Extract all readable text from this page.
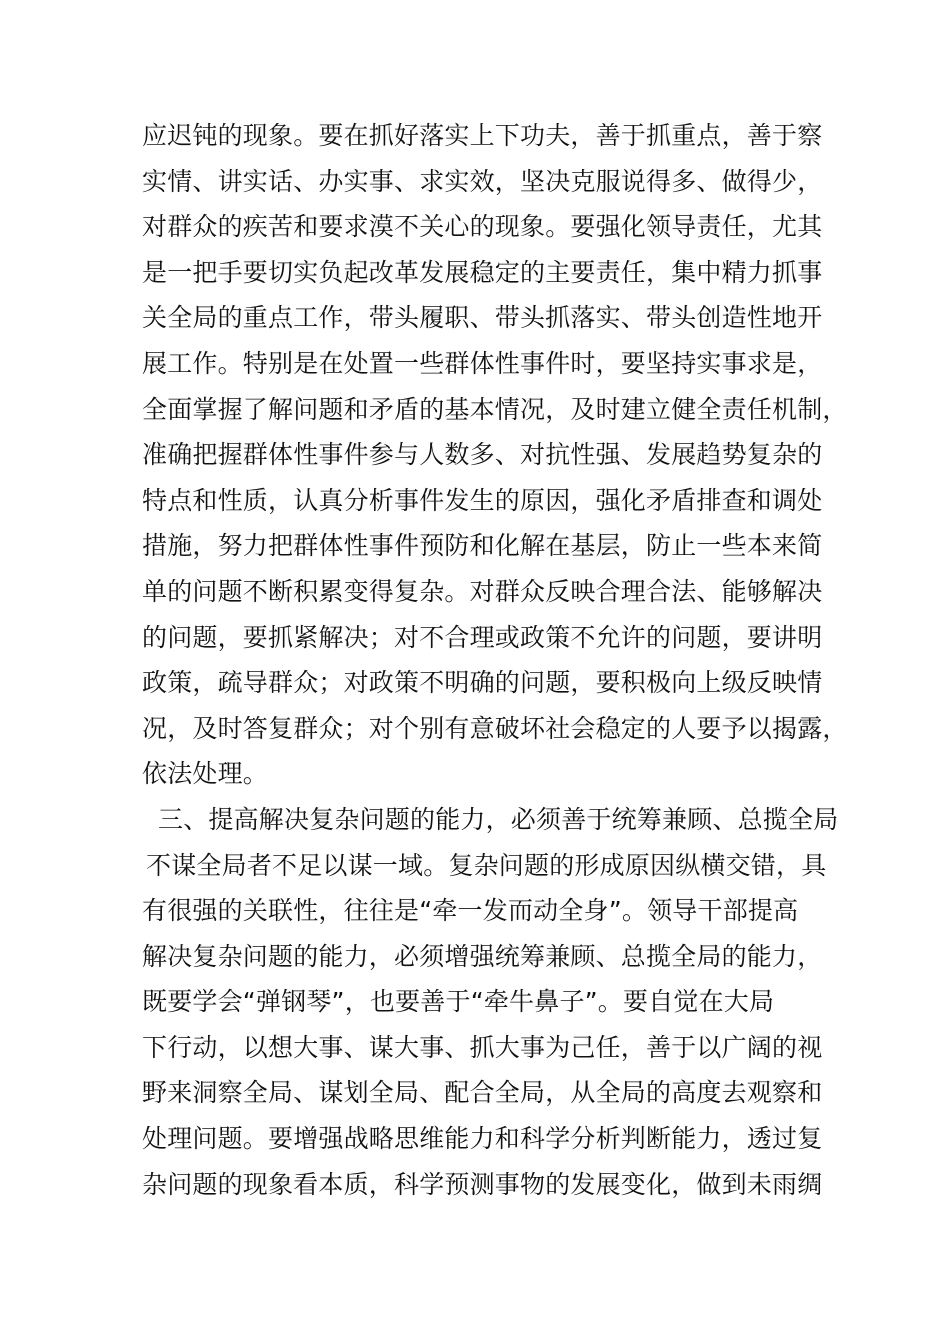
应迟钝的现象。要在抓好落实上下功夫，善于抓重点，善于察
实情、讲实话、办实事、求实效，坚决克服说得多、做得少，
对群众的疾苦和要求漠不关心的现象。要强化领导责任，尤其
是一把手要切实负起改革发展稳定的主要责任，集中精力抓事
关全局的重点工作，带头履职、带头抓落实、带头创造性地开
展工作。特别是在处置一些群体性事件时，要坚持实事求是，
全面掌握了解问题和矛盾的基本情况，及时建立健全责任机制，
准确把握群体性事件参与人数多、对抗性强、发展趋势复杂的
特点和性质，认真分析事件发生的原因，强化矛盾排查和调处
措施，努力把群体性事件预防和化解在基层，防止一些本来简
单的问题不断积累变得复杂。对群众反映合理合法、能够解决
的问题，要抓紧解决；对不合理或政策不允许的问题，要讲明
政策，疏导群众；对政策不明确的问题，要积极向上级反映情
况，及时答复群众；对个别有意破坏社会稳定的人要予以揭露，
依法处理。
三、提高解决复杂问题的能力，必须善于统筹兼顾、总揽全局
不谋全局者不足以谋一域。复杂问题的形成原因纵横交错，具
有很强的关联性，往往是“牵一发而动全身”。领导干部提高
解决复杂问题的能力，必须增强统筹兼顾、总揽全局的能力，
既要学会“弹钢琴”，也要善于“牵牛鼻子”。要自觉在大局
下行动，以想大事、谋大事、抓大事为己任，善于以广阔的视
野来洞察全局、谋划全局、配合全局，从全局的高度去观察和
处理问题。要增强战略思维能力和科学分析判断能力，透过复
杂问题的现象看本质，科学预测事物的发展变化，做到未雨绸
